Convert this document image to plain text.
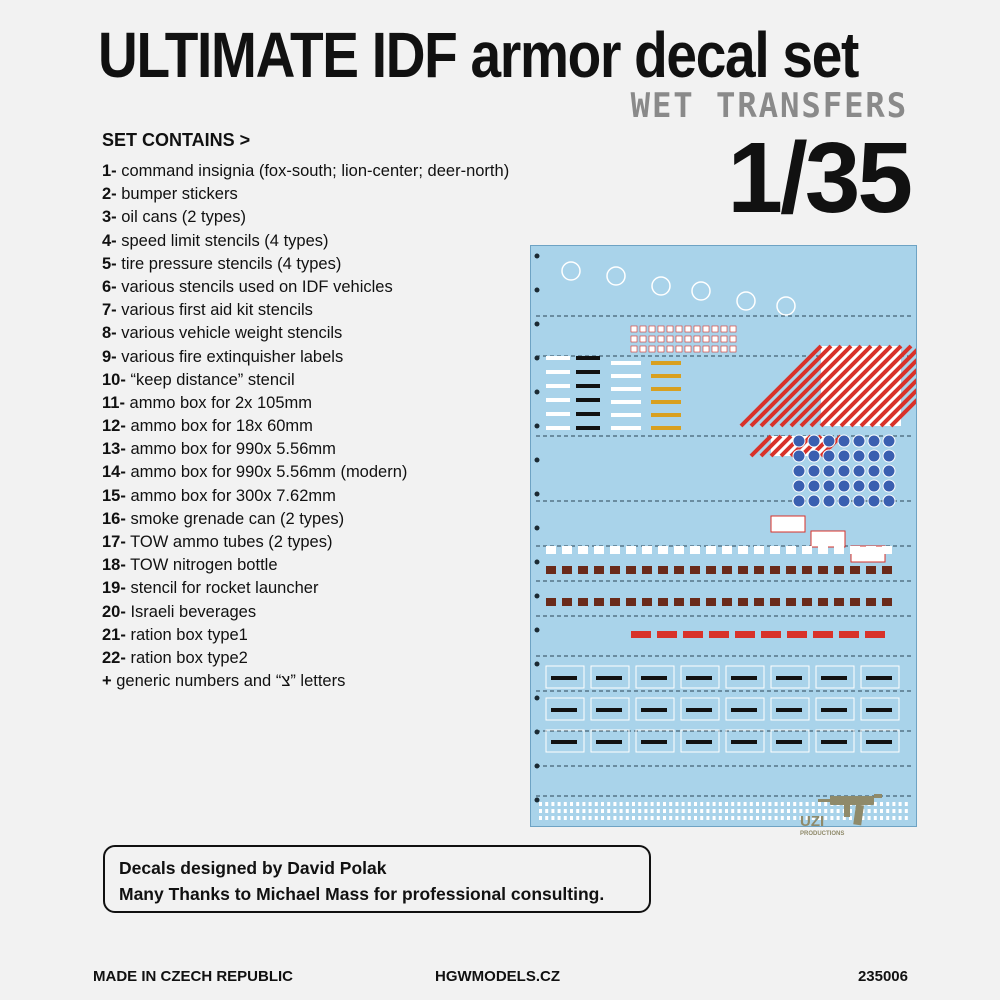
ULTIMATE IDF armor decal set
WET TRANSFERS
1/35
SET CONTAINS >
1- command insignia (fox-south; lion-center; deer-north)
2- bumper stickers
3- oil cans (2 types)
4- speed limit stencils (4 types)
5- tire pressure stencils (4 types)
6- various stencils used on IDF vehicles
7- various first aid kit stencils
8- various vehicle weight stencils
9- various fire extinquisher labels
10- “keep distance” stencil
11- ammo box for 2x 105mm
12- ammo box for 18x 60mm
13- ammo box for 990x 5.56mm
14- ammo box for 990x 5.56mm (modern)
15- ammo box for 300x 7.62mm
16- smoke grenade can (2 types)
17- TOW ammo tubes (2 types)
18- TOW nitrogen bottle
19- stencil for rocket launcher
20- Israeli beverages
21- ration box type1
22- ration box type2
+ generic numbers and “צ” letters
UZI
PRODUCTIONS
Decals designed by David Polak
Many Thanks to Michael Mass for professional consulting.
MADE IN CZECH REPUBLIC	HGWMODELS.CZ	235006
